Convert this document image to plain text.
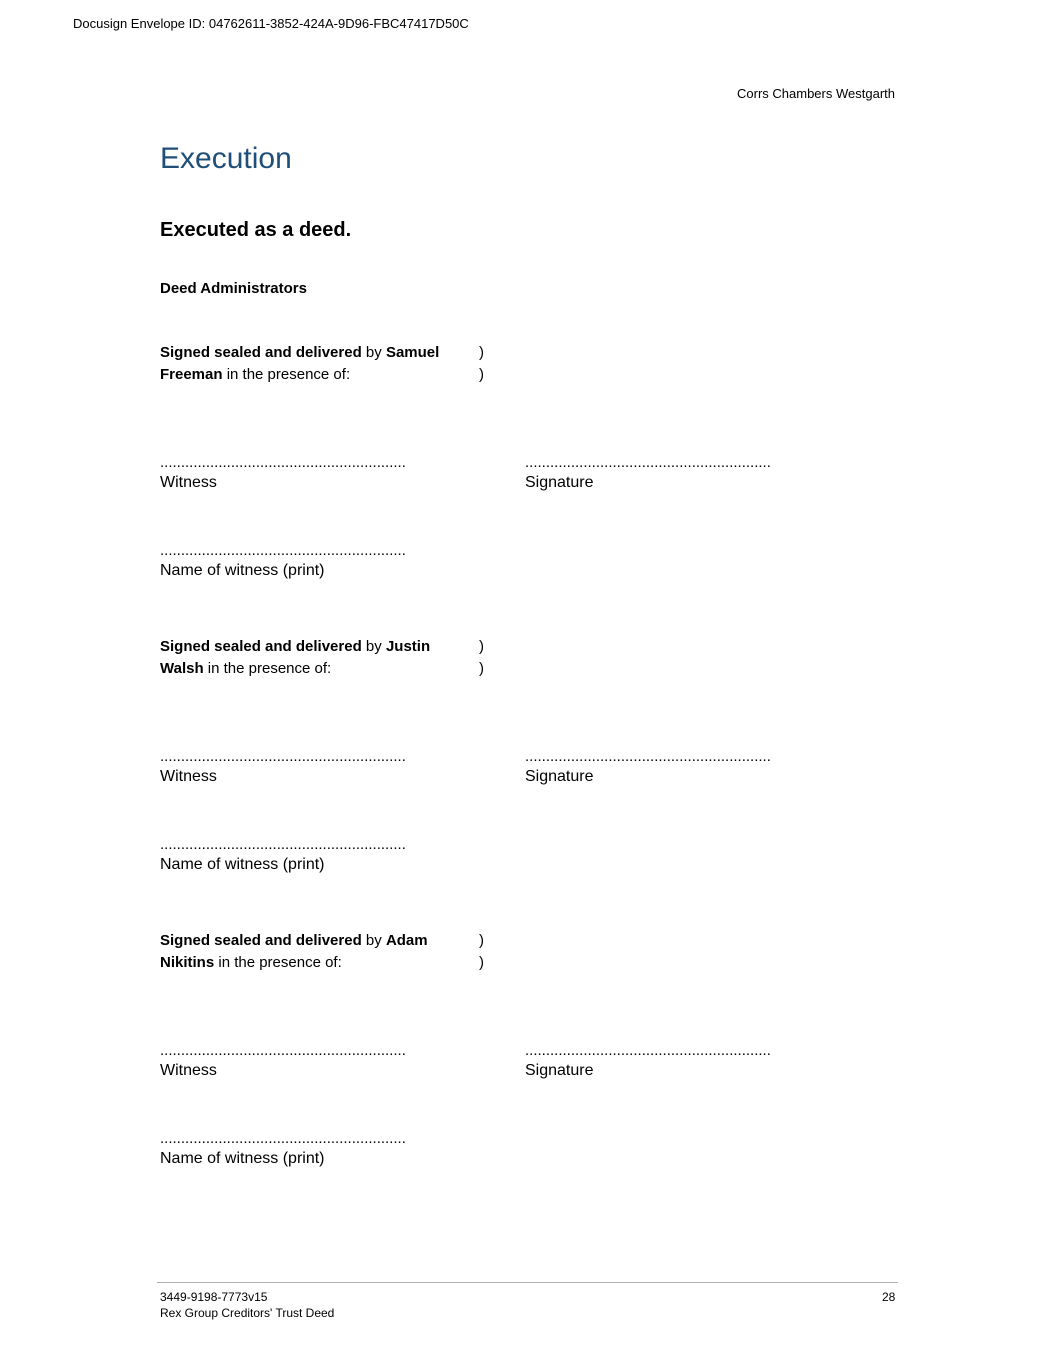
Docusign Envelope ID: 04762611-3852-424A-9D96-FBC47417D50C
Corrs Chambers Westgarth
Execution
Executed as a deed.
Deed Administrators
Signed sealed and delivered by Samuel
Freeman in the presence of:
)
)
...........................................................
Witness
...........................................................
Signature
...........................................................
Name of witness (print)
Signed sealed and delivered by Justin
Walsh in the presence of:
)
)
...........................................................
Witness
...........................................................
Signature
...........................................................
Name of witness (print)
Signed sealed and delivered by Adam
Nikitins in the presence of:
)
)
...........................................................
Witness
...........................................................
Signature
...........................................................
Name of witness (print)
3449-9198-7773v15
Rex Group Creditors' Trust Deed
28
